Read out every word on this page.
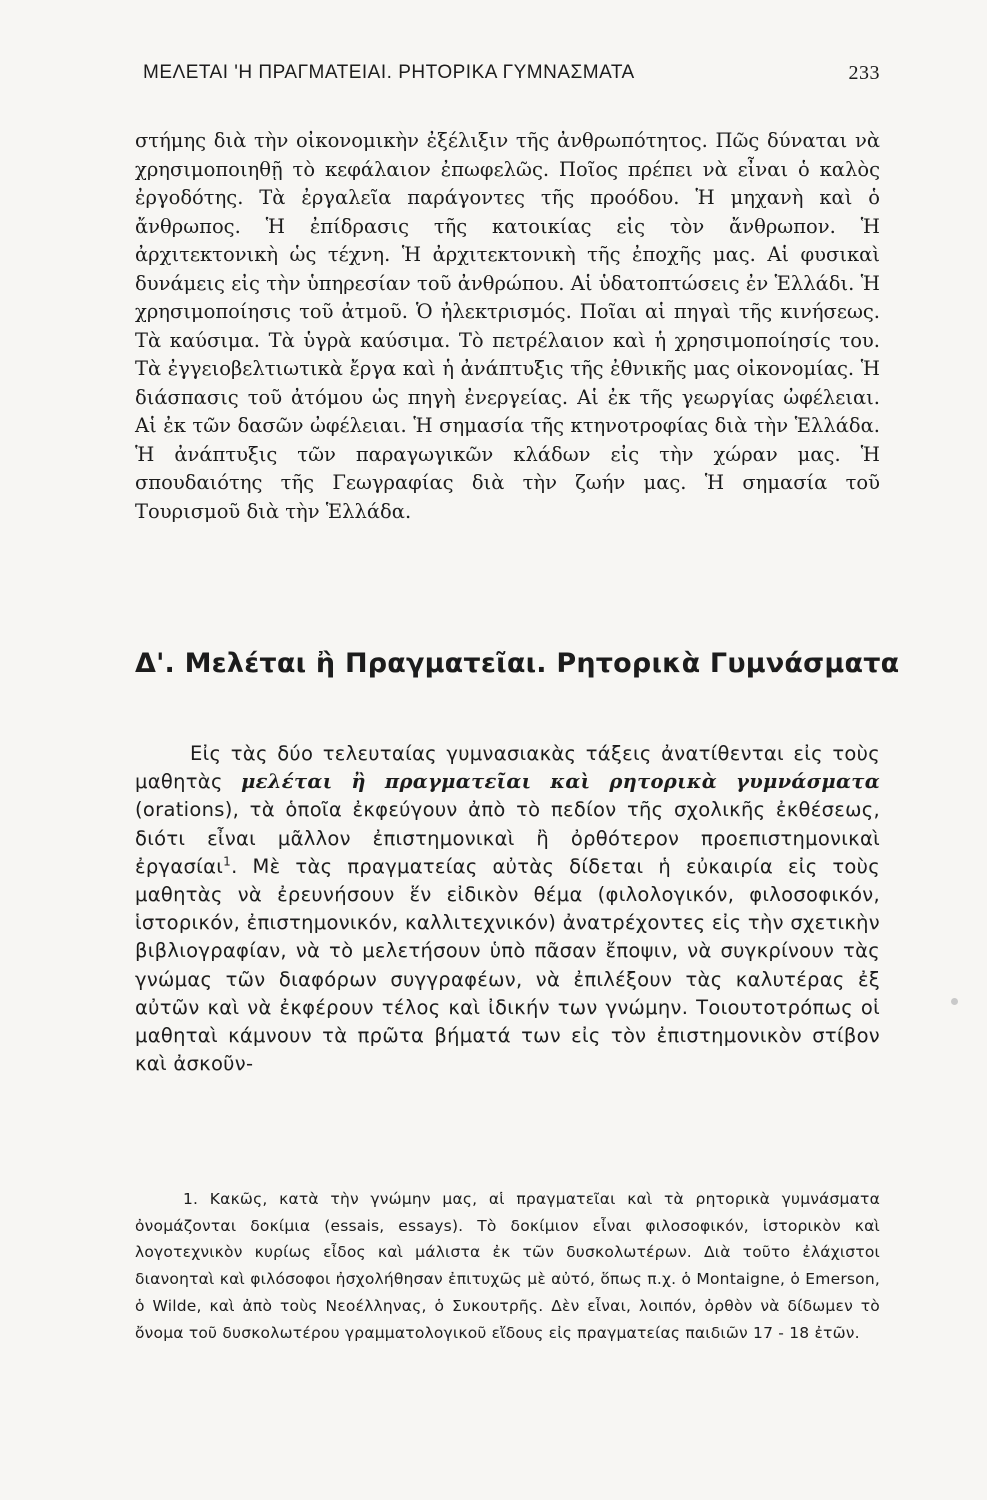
ΜΕΛΕΤΑΙ 'Η ΠΡΑΓΜΑΤΕΙΑΙ. ΡΗΤΟΡΙΚΑ ΓΥΜΝΑΣΜΑΤΑ	233
στήμης διὰ τὴν οἰκονομικὴν ἐξέλιξιν τῆς ἀνθρωπότητος. Πῶς δύναται νὰ χρησιμοποιηθῇ τὸ κεφάλαιον ἐπωφελῶς. Ποῖος πρέπει νὰ εἶναι ὁ καλὸς ἐργοδότης. Τὰ ἐργαλεῖα παράγοντες τῆς προόδου. Ἡ μηχανὴ καὶ ὁ ἄνθρωπος. Ἡ ἐπίδρασις τῆς κατοικίας εἰς τὸν ἄνθρωπον. Ἡ ἀρχιτεκτονικὴ ὡς τέχνη. Ἡ ἀρχιτεκτονικὴ τῆς ἐποχῆς μας. Αἱ φυσικαὶ δυνάμεις εἰς τὴν ὑπηρεσίαν τοῦ ἀνθρώπου. Αἱ ὑδατοπτώσεις ἐν Ἑλλάδι. Ἡ χρησιμοποίησις τοῦ ἀτμοῦ. Ὁ ἠλεκτρισμός. Ποῖαι αἱ πηγαὶ τῆς κινήσεως. Τὰ καύσιμα. Τὰ ὑγρὰ καύσιμα. Τὸ πετρέλαιον καὶ ἡ χρησιμοποίησίς του. Τὰ ἐγγειοβελτιωτικὰ ἔργα καὶ ἡ ἀνάπτυξις τῆς ἐθνικῆς μας οἰκονομίας. Ἡ διάσπασις τοῦ ἀτόμου ὡς πηγὴ ἐνεργείας. Αἱ ἐκ τῆς γεωργίας ὠφέλειαι. Αἱ ἐκ τῶν δασῶν ὠφέλειαι. Ἡ σημασία τῆς κτηνοτροφίας διὰ τὴν Ἑλλάδα. Ἡ ἀνάπτυξις τῶν παραγωγικῶν κλάδων εἰς τὴν χώραν μας. Ἡ σπουδαιότης τῆς Γεωγραφίας διὰ τὴν ζωήν μας. Ἡ σημασία τοῦ Τουρισμοῦ διὰ τὴν Ἑλλάδα.
Δ'. Μελέται ἢ Πραγματεῖαι. Ρητορικὰ Γυμνάσματα

Εἰς τὰς δύο τελευταίας γυμνασιακὰς τάξεις ἀνατίθενται εἰς τοὺς μαθητὰς μελέται ἢ πραγματεῖαι καὶ ρητορικὰ γυμνάσματα (orations), τὰ ὁποῖα ἐκφεύγουν ἀπὸ τὸ πεδίον τῆς σχολικῆς ἐκθέσεως, διότι εἶναι μᾶλλον ἐπιστημονικαὶ ἢ ὀρθότερον προεπιστημονικαὶ ἐργασίαι$^1$. Μὲ τὰς πραγματείας αὐτὰς δίδεται ἡ εὐκαιρία εἰς τοὺς μαθητὰς νὰ ἐρευνήσουν ἕν εἰδικὸν θέμα (φιλολογικόν, φιλοσοφικόν, ἱστορικόν, ἐπιστημονικόν, καλλιτεχνικόν) ἀνατρέχοντες εἰς τὴν σχετικὴν βιβλιογραφίαν, νὰ τὸ μελετήσουν ὑπὸ πᾶσαν ἔποψιν, νὰ συγκρίνουν τὰς γνώμας τῶν διαφόρων συγγραφέων, νὰ ἐπιλέξουν τὰς καλυτέρας ἐξ αὐτῶν καὶ νὰ ἐκφέρουν τέλος καὶ ἰδικήν των γνώμην. Τοιουτοτρόπως οἱ μαθηταὶ κάμνουν τὰ πρῶτα βήματά των εἰς τὸν ἐπιστημονικὸν στίβον καὶ ἀσκοῦν-

1. Κακῶς, κατὰ τὴν γνώμην μας, αἱ πραγματεῖαι καὶ τὰ ρητορικὰ γυμνάσματα ὀνομάζονται δοκίμια (essais, essays). Τὸ δοκίμιον εἶναι φιλοσοφικόν, ἱστορικὸν καὶ λογοτεχνικὸν κυρίως εἶδος καὶ μάλιστα ἐκ τῶν δυσκολωτέρων. Διὰ τοῦτο ἐλάχιστοι διανοηταὶ καὶ φιλόσοφοι ἠσχολήθησαν ἐπιτυχῶς μὲ αὐτό, ὅπως π.χ. ὁ Montaigne, ὁ Emerson, ὁ Wilde, καὶ ἀπὸ τοὺς Νεοέλληνας, ὁ Συκουτρῆς. Δὲν εἶναι, λοιπόν, ὀρθὸν νὰ δίδωμεν τὸ ὄνομα τοῦ δυσκολωτέρου γραμματολογικοῦ εἴδους εἰς πραγματείας παιδιῶν 17 - 18 ἐτῶν.
